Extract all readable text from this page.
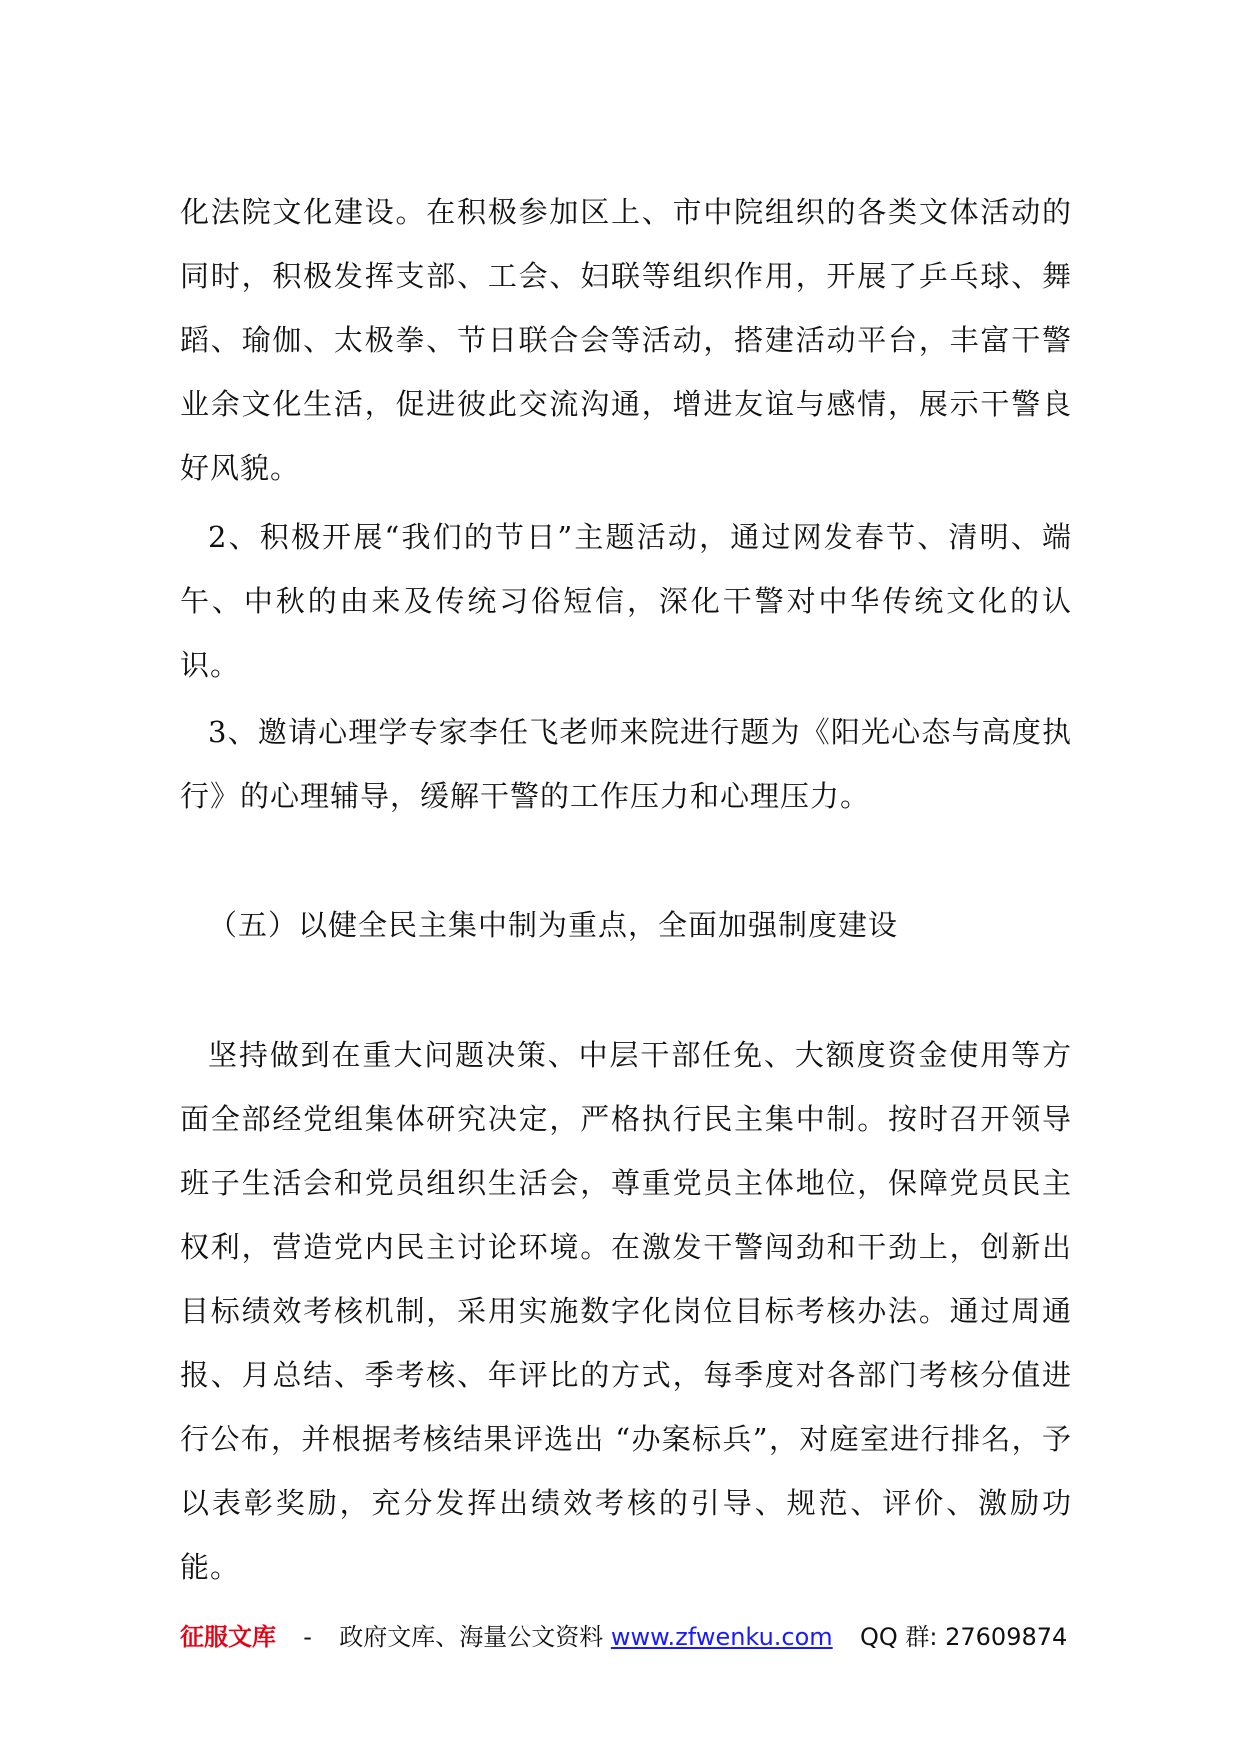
化法院文化建设。在积极参加区上、市中院组织的各类文体活动的同时，积极发挥支部、工会、妇联等组织作用，开展了乒乓球、舞蹈、瑜伽、太极拳、节日联合会等活动，搭建活动平台，丰富干警业余文化生活，促进彼此交流沟通，增进友谊与感情，展示干警良好风貌。

2、积极开展“我们的节日”主题活动，通过网发春节、清明、端午、中秋的由来及传统习俗短信，深化干警对中华传统文化的认识。

3、邀请心理学专家李任飞老师来院进行题为《阳光心态与高度执行》的心理辅导，缓解干警的工作压力和心理压力。

（五）以健全民主集中制为重点，全面加强制度建设

坚持做到在重大问题决策、中层干部任免、大额度资金使用等方面全部经党组集体研究决定，严格执行民主集中制。按时召开领导班子生活会和党员组织生活会，尊重党员主体地位，保障党员民主权利，营造党内民主讨论环境。在激发干警闯劲和干劲上，创新出目标绩效考核机制，采用实施数字化岗位目标考核办法。通过周通报、月总结、季考核、年评比的方式，每季度对各部门考核分值进行公布，并根据考核结果评选出 “办案标兵”，对庭室进行排名，予以表彰奖励，充分发挥出绩效考核的引导、规范、评价、激励功能。

征服文库 - 政府文库、海量公文资料 www.zfwenku.com QQ 群: 27609874
